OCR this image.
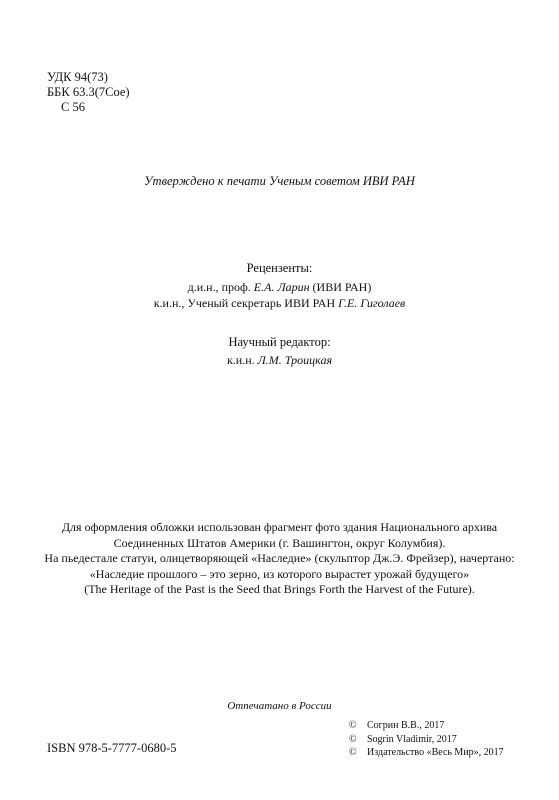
УДК 94(73)
ББК 63.3(7Сое)
С 56
Утверждено к печати Ученым советом ИВИ РАН
Рецензенты:
д.и.н., проф. Е.А. Ларин (ИВИ РАН)
к.и.н., Ученый секретарь ИВИ РАН Г.Е. Гиголаев
Научный редактор:
к.и.н. Л.М. Троицкая
Для оформления обложки использован фрагмент фото здания Национального архива
Соединенных Штатов Америки (г. Вашингтон, округ Колумбия).
На пьедестале статуи, олицетворяющей «Наследие» (скульптор Дж.Э. Фрейзер), начертано:
«Наследие прошлого – это зерно, из которого вырастет урожай будущего»
(The Heritage of the Past is the Seed that Brings Forth the Harvest of the Future).
Отпечатано в России
© Согрин В.В., 2017
© Sogrin Vladimir, 2017
© Издательство «Весь Мир», 2017
ISBN 978-5-7777-0680-5
